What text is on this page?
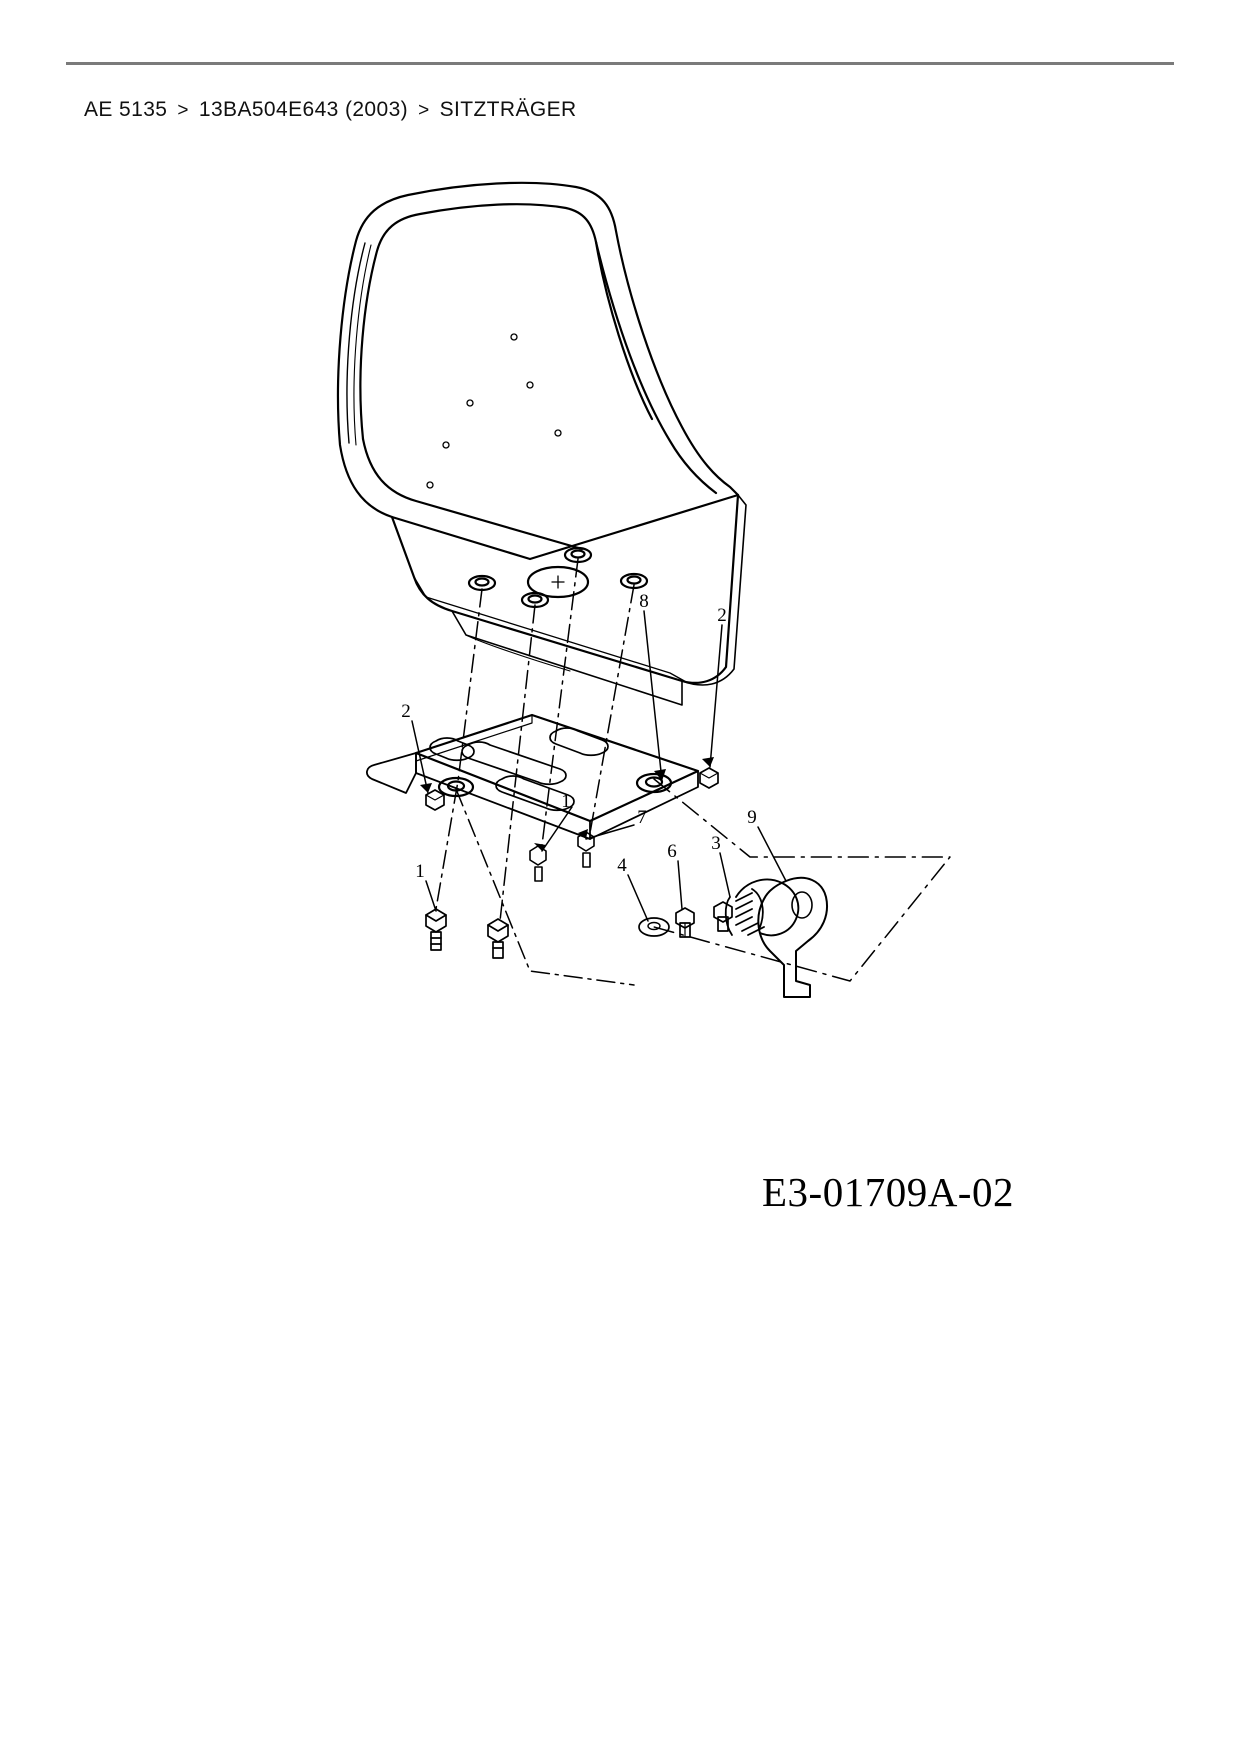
AE 5135 > 13BA504E643 (2003) > SITZTRÄGER
8
2
2
1
7
1
9
3
6
4
E3-01709A-02
